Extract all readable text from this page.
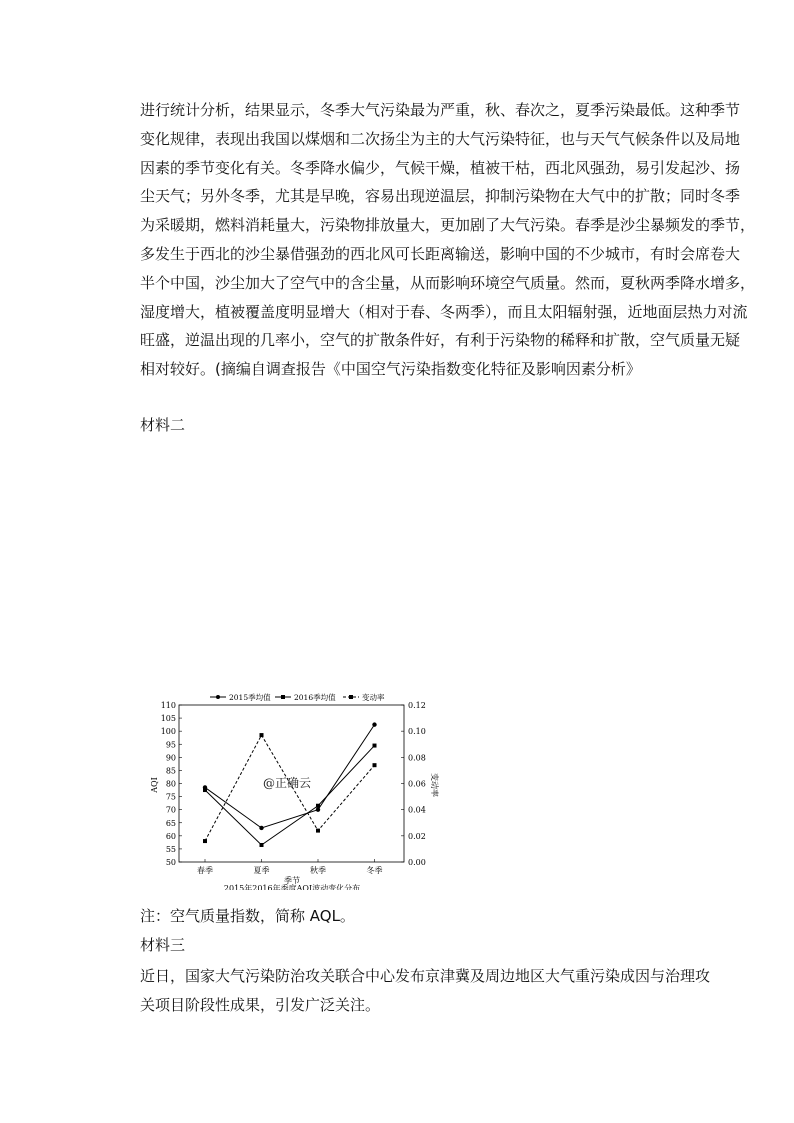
进行统计分析，结果显示，冬季大气污染最为严重，秋、春次之，夏季污染最低。这种季节
变化规律，表现出我国以煤烟和二次扬尘为主的大气污染特征，也与天气气候条件以及局地
因素的季节变化有关。冬季降水偏少，气候干燥，植被干枯，西北风强劲，易引发起沙、扬
尘天气；另外冬季，尤其是早晚，容易出现逆温层，抑制污染物在大气中的扩散；同时冬季
为采暖期，燃料消耗量大，污染物排放量大，更加剧了大气污染。春季是沙尘暴频发的季节，
多发生于西北的沙尘暴借强劲的西北风可长距离输送，影响中国的不少城市，有时会席卷大
半个中国，沙尘加大了空气中的含尘量，从而影响环境空气质量。然而，夏秋两季降水增多，
湿度增大，植被覆盖度明显增大（相对于春、冬两季），而且太阳辐射强，近地面层热力对流
旺盛，逆温出现的几率小，空气的扩散条件好，有利于污染物的稀释和扩散，空气质量无疑
相对较好。(摘编自调查报告《中国空气污染指数变化特征及影响因素分析》
材料二
50
55
60
65
70
75
80
85
90
95
100
105
110
0.00
0.02
0.04
0.06
0.08
0.10
0.12
春季	夏季	秋季	冬季
季节
2015年2016年季度AQI波动变化分布
AQI	变动率
2015季均值	2016季均值	变动率
@正确云
注：空气质量指数，简称 AQL。
材料三
近日，国家大气污染防治攻关联合中心发布京津冀及周边地区大气重污染成因与治理攻
关项目阶段性成果，引发广泛关注。
